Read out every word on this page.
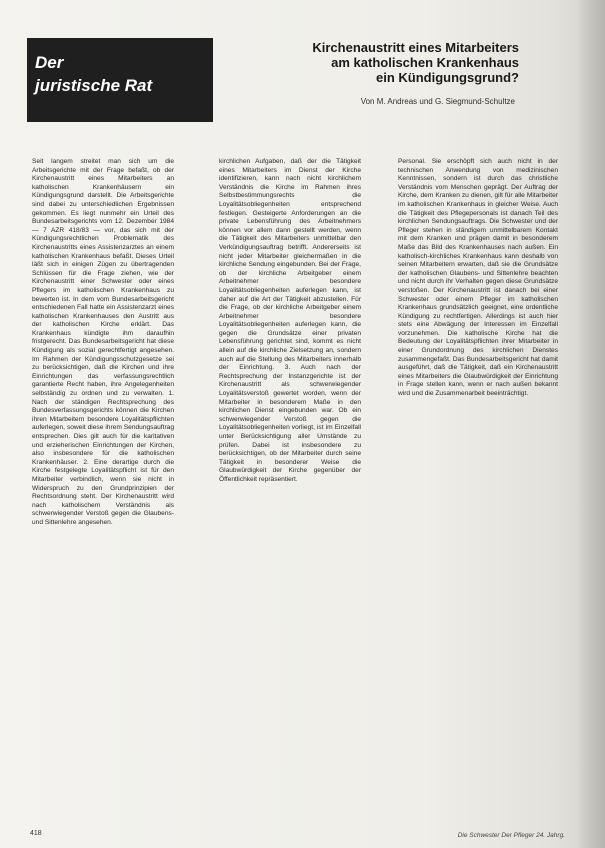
Der
juristische Rat
Kirchenaustritt eines Mitarbeiters
am katholischen Krankenhaus
ein Kündigungsgrund?
Von M. Andreas und G. Siegmund-Schultze
Seit langem streitet man sich um die Arbeitsgerichte mit der Frage befaßt, ob der Kirchenaustritt eines Mitarbeiters an katholischen Krankenhäusern ein Kündigungsgrund darstellt. Die Arbeitsgerichte sind dabei zu unterschiedlichen Ergebnissen gekommen. Es liegt nunmehr ein Urteil des Bundesarbeitsgerichts vom 12. Dezember 1984 — 7 AZR 418/83 — vor, das sich mit der Kündigungsrechtlichen Problematik des Kirchenaustritts eines Assistenzarztes an einem katholischen Krankenhaus befaßt. Dieses Urteil läßt sich in einigen Zügen zu übertragenden Schlüssen für die Frage ziehen, wie der Kirchenaustritt einer Schwester oder eines Pflegers im katholischen Krankenhaus zu bewerten ist. In dem vom Bundesarbeitsgericht entschiedenen Fall hatte ein Assistenzarzt eines katholischen Krankenhauses den Austritt aus der katholischen Kirche erklärt. Das Krankenhaus kündigte ihm daraufhin fristgerecht. Das Bundesarbeitsgericht hat diese Kündigung als sozial gerechtfertigt angesehen. Im Rahmen der Kündigungsschutzgesetze sei zu berücksichtigen, daß die Kirchen und ihre Einrichtungen das verfassungsrechtlich garantierte Recht haben, ihre Angelegenheiten selbständig zu ordnen und zu verwalten. 1. Nach der ständigen Rechtsprechung des Bundesverfassungsgerichts können die Kirchen ihren Mitarbeitern besondere Loyalitätspflichten auferlegen, soweit diese ihrem Sendungsauftrag entsprechen. Dies gilt auch für die karitativen und erzieherischen Einrichtungen der Kirchen, also insbesondere für die katholischen Krankenhäuser. 2. Eine derartige durch die Kirche festgelegte Loyalitätspflicht ist für den Mitarbeiter verbindlich, wenn sie nicht in Widerspruch zu den Grundprinzipien der Rechtsordnung steht. Der Kirchenaustritt wird nach katholischem Verständnis als schwerwiegender Verstoß gegen die Glaubens- und Sittenlehre angesehen.
kirchlichen Aufgaben, daß der die Tätigkeit eines Mitarbeiters im Dienst der Kirche identifizieren, kann nach nicht kirchlichem Verständnis die Kirche im Rahmen ihres Selbstbestimmungsrechts die Loyalitätsobliegenheiten entsprechend festlegen. Gesteigerte Anforderungen an die private Lebensführung des Arbeitnehmers können vor allem dann gestellt werden, wenn die Tätigkeit des Mitarbeiters unmittelbar den Verkündigungsauftrag betrifft. Andererseits ist nicht jeder Mitarbeiter gleichermaßen in die kirchliche Sendung eingebunden. Bei der Frage, ob der kirchliche Arbeitgeber einem Arbeitnehmer besondere Loyalitätsobliegenheiten auferlegen kann, ist daher auf die Art der Tätigkeit abzustellen. Für die Frage, ob der kirchliche Arbeitgeber einem Arbeitnehmer besondere Loyalitätsobliegenheiten auferlegen kann, die gegen die Grundsätze einer privaten Lebensführung gerichtet sind, kommt es nicht allein auf die kirchliche Zielsetzung an, sondern auch auf die Stellung des Mitarbeiters innerhalb der Einrichtung. 3. Auch nach der Rechtsprechung der Instanzgerichte ist der Kirchenaustritt als schwerwiegender Loyalitätsverstoß gewertet worden, wenn der Mitarbeiter in besonderem Maße in den kirchlichen Dienst eingebunden war. Ob ein schwerwiegender Verstoß gegen die Loyalitätsobliegenheiten vorliegt, ist im Einzelfall unter Berücksichtigung aller Umstände zu prüfen. Dabei ist insbesondere zu berücksichtigen, ob der Mitarbeiter durch seine Tätigkeit in besonderer Weise die Glaubwürdigkeit der Kirche gegenüber der Öffentlichkeit repräsentiert.
Personal. Sie erschöpft sich auch nicht in der technischen Anwendung von medizinischen Kenntnissen, sondern ist durch das christliche Verständnis vom Menschen geprägt. Der Auftrag der Kirche, dem Kranken zu dienen, gilt für alle Mitarbeiter im katholischen Krankenhaus in gleicher Weise. Auch die Tätigkeit des Pflegepersonals ist danach Teil des kirchlichen Sendungsauftrags. Die Schwester und der Pfleger stehen in ständigem unmittelbarem Kontakt mit dem Kranken und prägen damit in besonderem Maße das Bild des Krankenhauses nach außen. Ein katholisch-kirchliches Krankenhaus kann deshalb von seinen Mitarbeitern erwarten, daß sie die Grundsätze der katholischen Glaubens- und Sittenlehre beachten und nicht durch ihr Verhalten gegen diese Grundsätze verstoßen. Der Kirchenaustritt ist danach bei einer Schwester oder einem Pfleger im katholischen Krankenhaus grundsätzlich geeignet, eine ordentliche Kündigung zu rechtfertigen. Allerdings ist auch hier stets eine Abwägung der Interessen im Einzelfall vorzunehmen. Die katholische Kirche hat die Bedeutung der Loyalitätspflichten ihrer Mitarbeiter in einer Grundordnung des kirchlichen Dienstes zusammengefaßt. Das Bundesarbeitsgericht hat damit ausgeführt, daß die Tätigkeit, daß ein Kirchenaustritt eines Mitarbeiters die Glaubwürdigkeit der Einrichtung in Frage stellen kann, wenn er nach außen bekannt wird und die Zusammenarbeit beeinträchtigt.
418	Die Schwester Der Pfleger 24. Jahrg.
